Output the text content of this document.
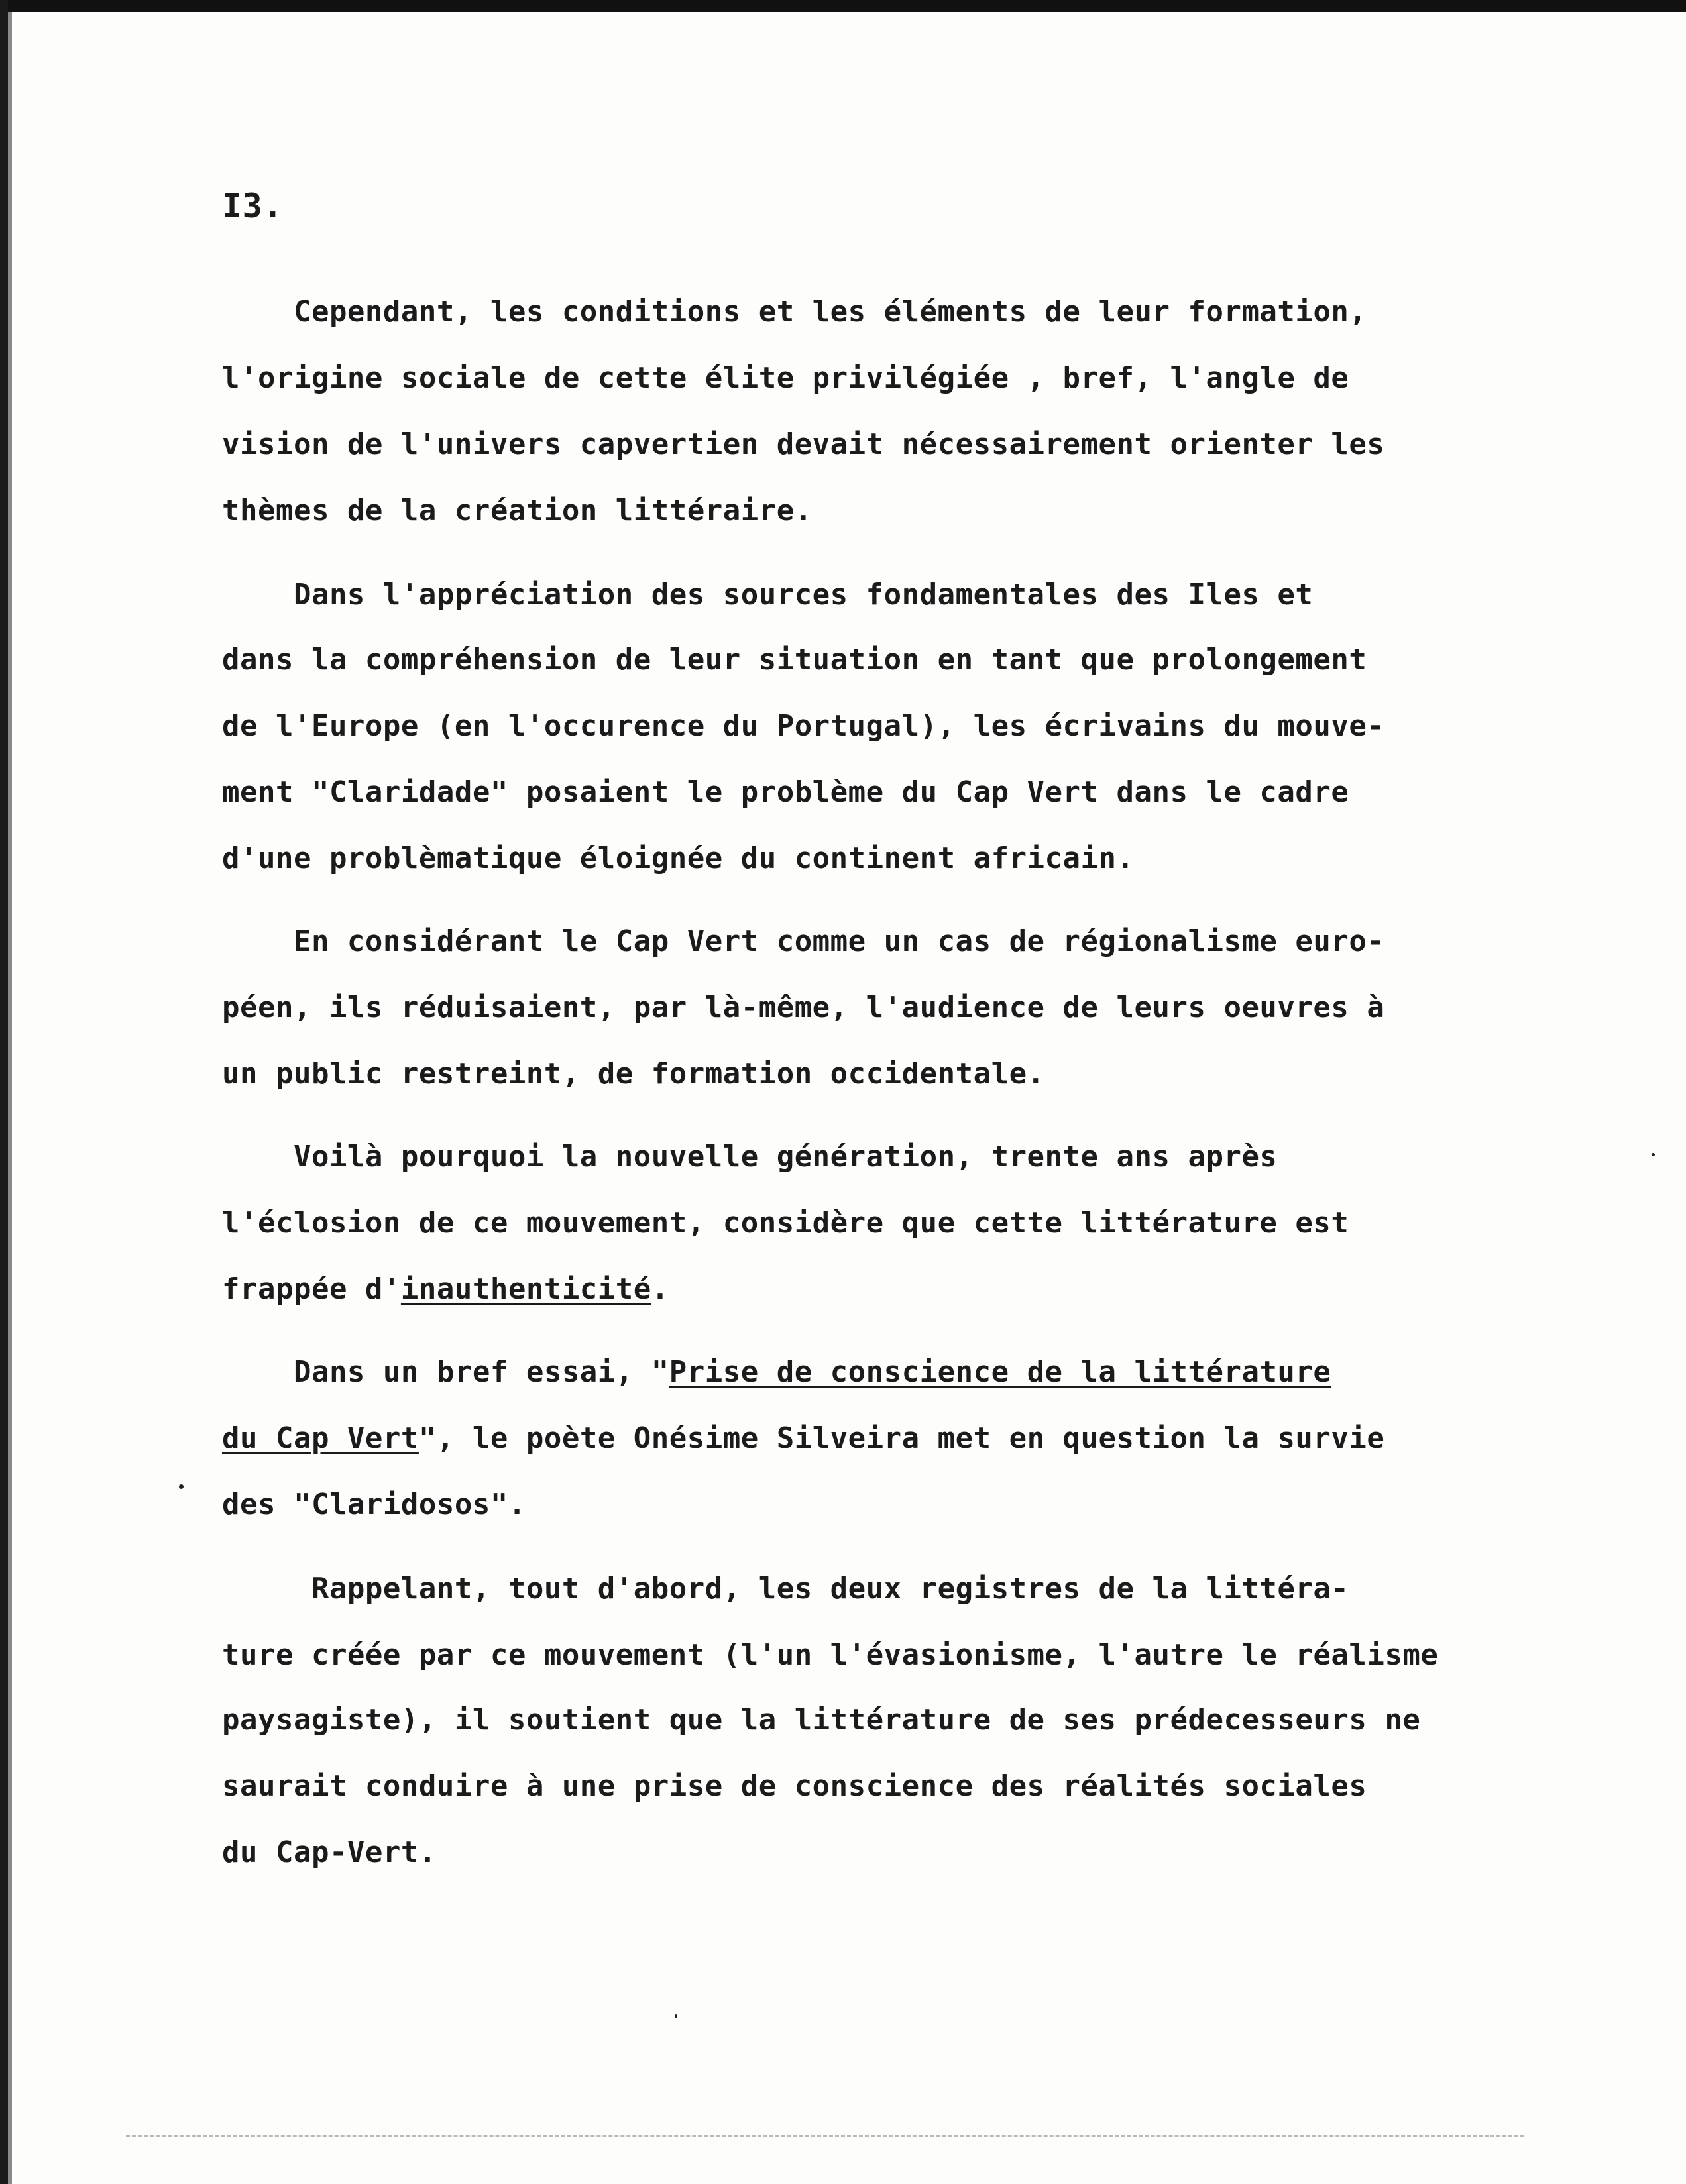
I3.
Cependant, les conditions et les éléments de leur formation,
l'origine sociale de cette élite privilégiée , bref, l'angle de
vision de l'univers capvertien devait nécessairement orienter les
thèmes de la création littéraire.
Dans l'appréciation des sources fondamentales des Iles et
dans la compréhension de leur situation en tant que prolongement
de l'Europe (en l'occurence du Portugal), les écrivains du mouve-
ment "Claridade" posaient le problème du Cap Vert dans le cadre
d'une problèmatique éloignée du continent africain.
En considérant le Cap Vert comme un cas de régionalisme euro-
péen, ils réduisaient, par là-même, l'audience de leurs oeuvres à
un public restreint, de formation occidentale.
Voilà pourquoi la nouvelle génération, trente ans après
l'éclosion de ce mouvement, considère que cette littérature est
frappée d'inauthenticité.
Dans un bref essai, "Prise de conscience de la littérature
du Cap Vert", le poète Onésime Silveira met en question la survie
des "Claridosos".
Rappelant, tout d'abord, les deux registres de la littéra-
ture créée par ce mouvement (l'un l'évasionisme, l'autre le réalisme
paysagiste), il soutient que la littérature de ses prédecesseurs ne
saurait conduire à une prise de conscience des réalités sociales
du Cap-Vert.
